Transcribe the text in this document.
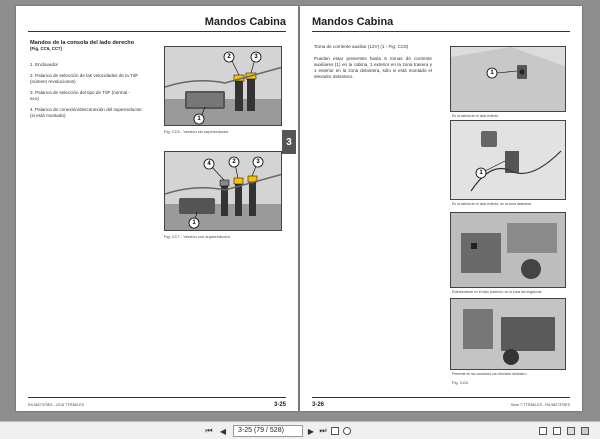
Mandos Cabina
Mandos de la consola del lado derecho
(Fig. CC6, CC7)
1. Enclavador
2. Palanca de selección de las velocidades de la TdF (número revoluciones)
3. Palanca de selección del tipo de TdF (normal - eco)
4. Palanca de conexión/desconexión del superreductor (si está montado)
2	3
1
Fig. CC6 - Versión sin superreductor
4	2	3
1
Fig. CC7 - Versión con superreductor
RA 9827379ES - 2X15 TTR380-ES	3-25
3
Mandos Cabina
Toma de corriente auxiliar (12V) (1 - Fig. CC8)
Pueden estar presentes hasta 5 tomas de corriente auxiliares (1) en la cabina, 1 exterior en la zona trasera y 1 exterior en la zona delantera, sólo si está montado el elevador delantero.
1
En la cabina en el lado exterior
1
En la cabina en el lado exterior, en la zona delantera
Exteriormente en el lado posterior, en la zona del enganche
Presente en las versiones con elevador delantero
Fig. CC8
3-26	Serie T-TTR380-ES - RA 9827379ES
⏮ ◀	3-25 (79 / 528)	▶ ⏭
